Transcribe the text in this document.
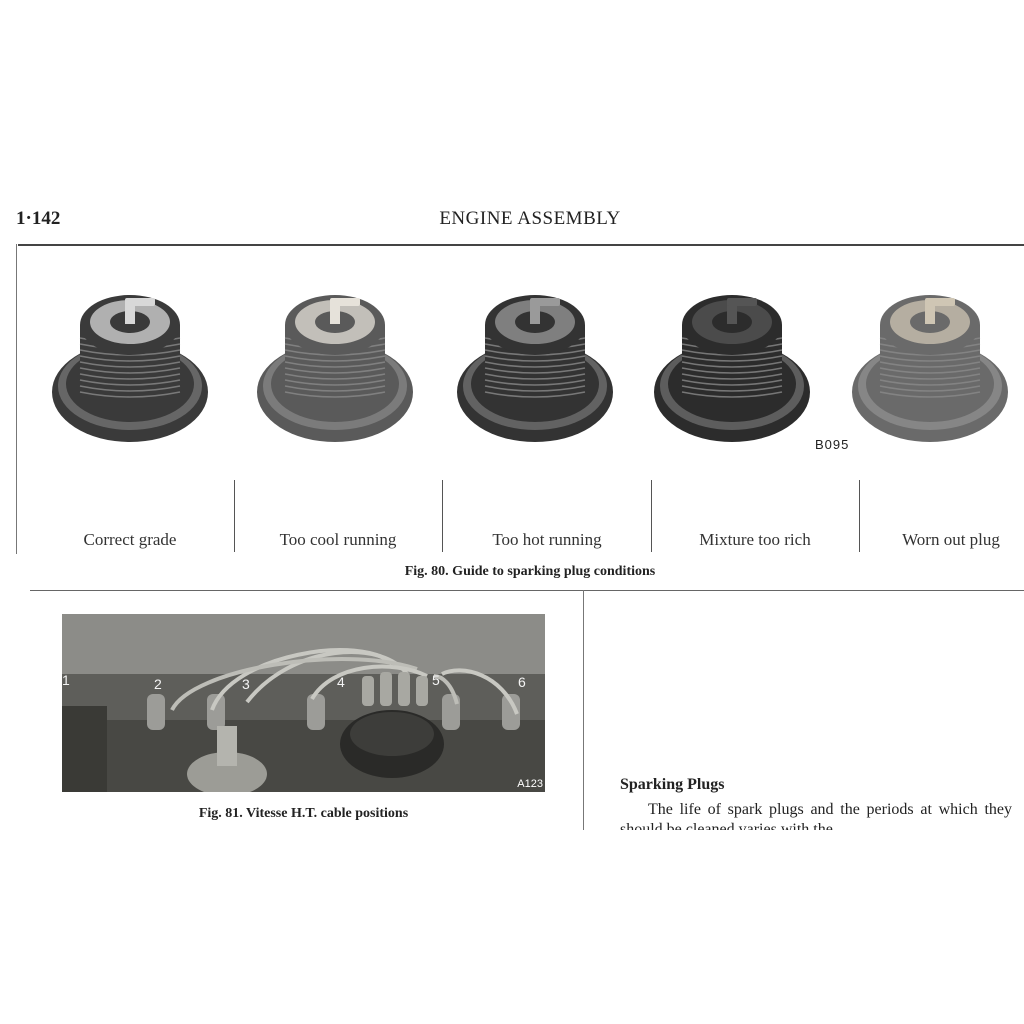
1·142	ENGINE ASSEMBLY
B095
Correct grade	Too cool running	Too hot running	Mixture too rich	Worn out plug
Fig. 80. Guide to sparking plug conditions
1	2	3	4	5	6
A123
Fig. 81. Vitesse H.T. cable positions
Sparking Plugs
The life of spark plugs and the periods at which they
